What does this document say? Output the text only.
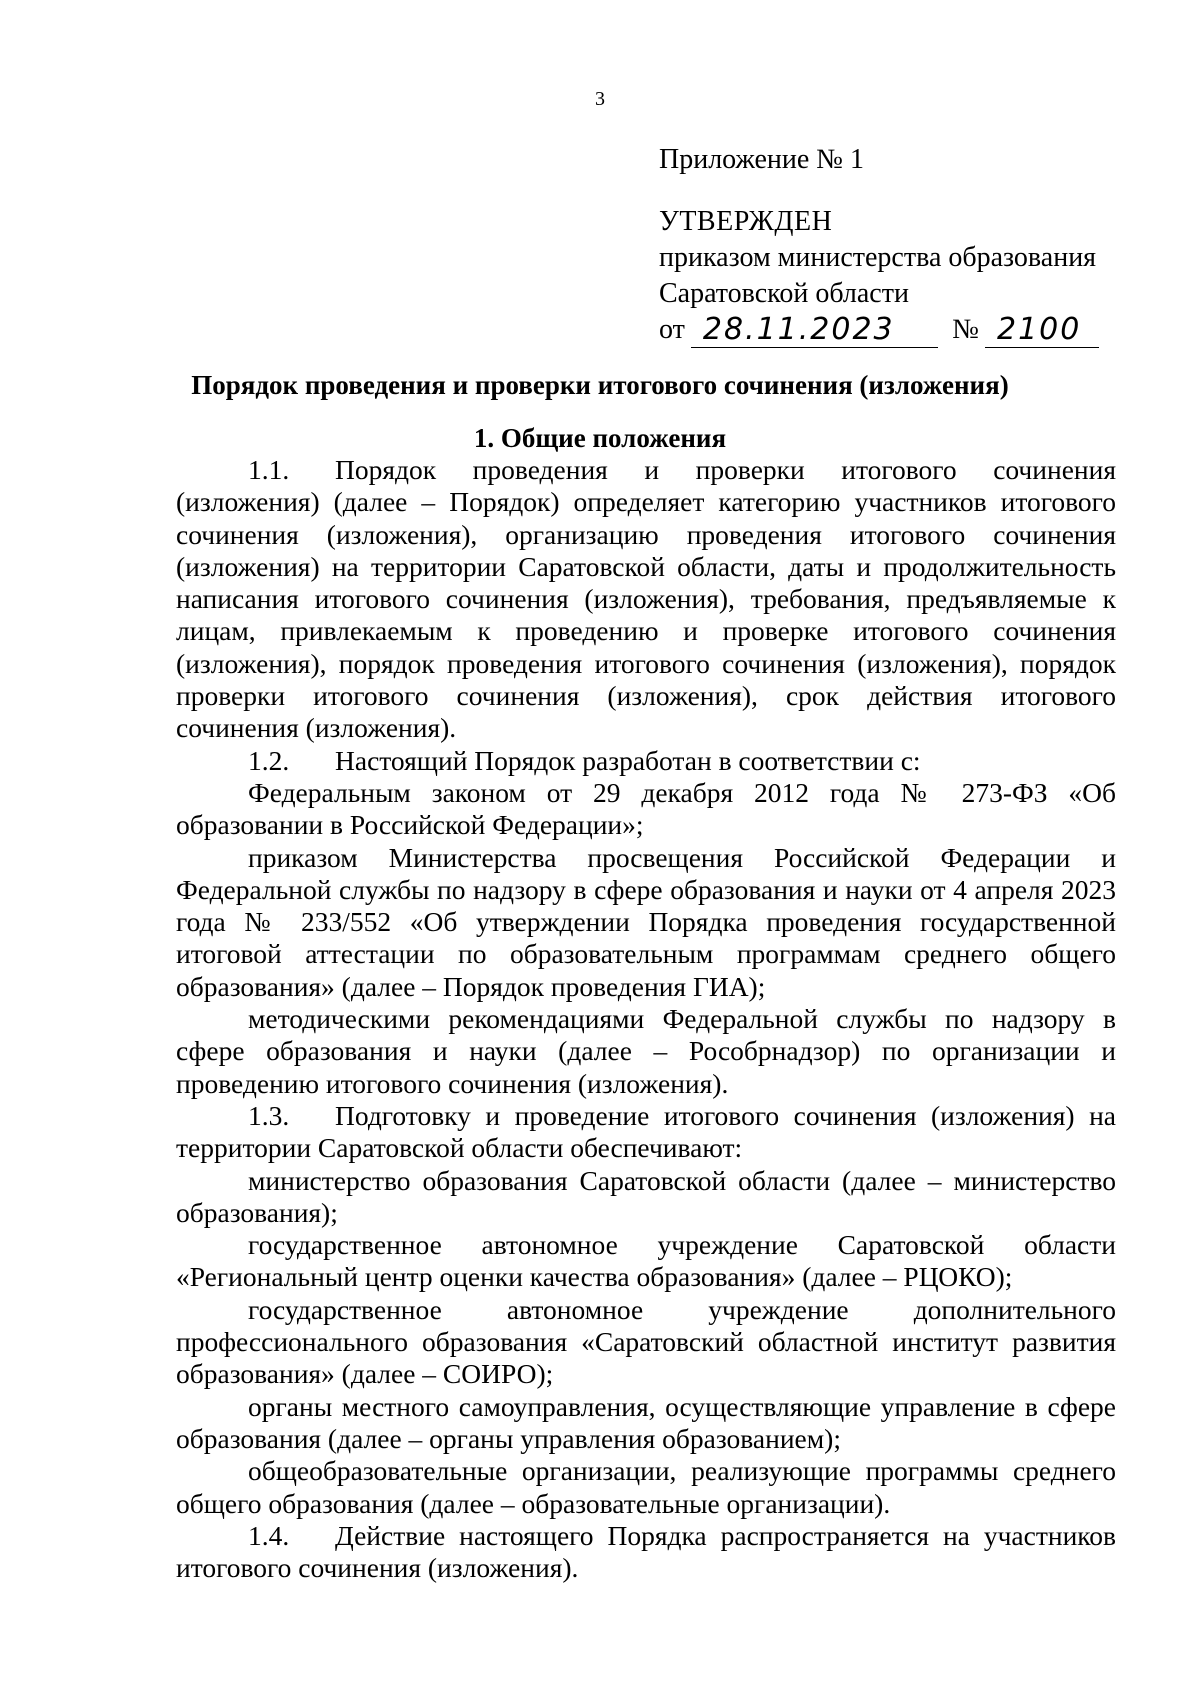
3
Приложение № 1
УТВЕРЖДЕН
приказом министерства образования
Саратовской области
от 28.11.2023	№ 2100
Порядок проведения и проверки итогового сочинения (изложения)
1. Общие положения

1.1. Порядок проведения и проверки итогового сочинения (изложения) (далее – Порядок) определяет категорию участников итогового сочинения (изложения), организацию проведения итогового сочинения (изложения) на территории Саратовской области, даты и продолжительность написания итогового сочинения (изложения), требования, предъявляемые к лицам, привлекаемым к проведению и проверке итогового сочинения (изложения), порядок проведения итогового сочинения (изложения), порядок проверки итогового сочинения (изложения), срок действия итогового сочинения (изложения).

1.2. Настоящий Порядок разработан в соответствии с:

Федеральным законом от 29 декабря 2012 года № 273-ФЗ «Об образовании в Российской Федерации»;

приказом Министерства просвещения Российской Федерации и Федеральной службы по надзору в сфере образования и науки от 4 апреля 2023 года № 233/552 «Об утверждении Порядка проведения государственной итоговой аттестации по образовательным программам среднего общего образования» (далее – Порядок проведения ГИА);

методическими рекомендациями Федеральной службы по надзору в сфере образования и науки (далее – Рособрнадзор) по организации и проведению итогового сочинения (изложения).

1.3. Подготовку и проведение итогового сочинения (изложения) на территории Саратовской области обеспечивают:

министерство образования Саратовской области (далее – министерство образования);

государственное автономное учреждение Саратовской области «Региональный центр оценки качества образования» (далее – РЦОКО);

государственное автономное учреждение дополнительного профессионального образования «Саратовский областной институт развития образования» (далее – СОИРО);

органы местного самоуправления, осуществляющие управление в сфере образования (далее – органы управления образованием);

общеобразовательные организации, реализующие программы среднего общего образования (далее – образовательные организации).

1.4. Действие настоящего Порядка распространяется на участников итогового сочинения (изложения).
